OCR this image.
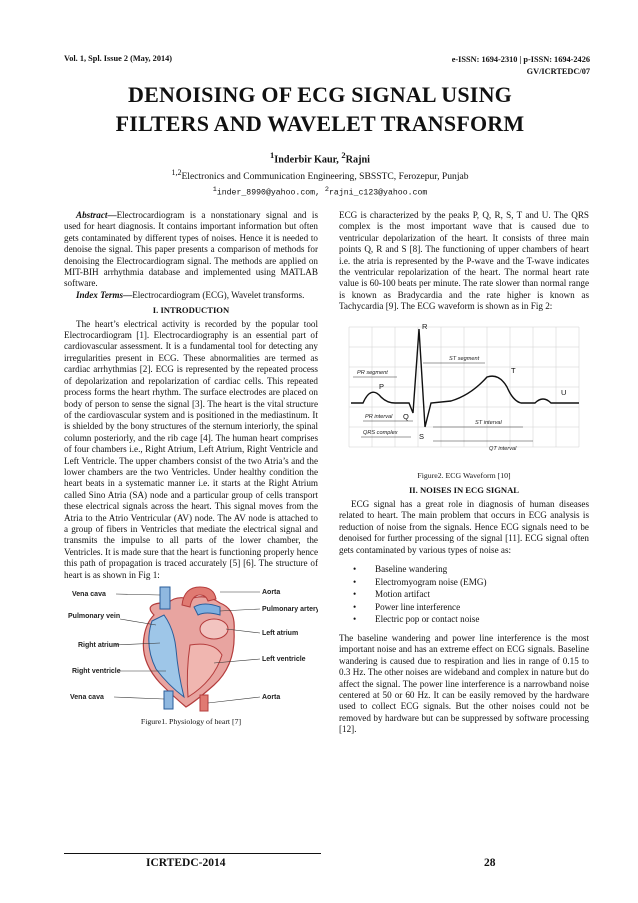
Vol. 1, Spl. Issue 2 (May, 2014)	e-ISSN: 1694-2310 | p-ISSN: 1694-2426
GV/ICRTEDC/07
DENOISING OF ECG SIGNAL USING
FILTERS AND WAVELET TRANSFORM
$^1$Inderbir Kaur, $^2$Rajni
$^{1,2}$Electronics and Communication Engineering, SBSSTC, Ferozepur, Punjab
$^1$inder_8990@yahoo.com, $^2$rajni_c123@yahoo.com

Abstract—Electrocardiogram is a nonstationary signal and is used for heart diagnosis. It contains important information but often gets contaminated by different types of noises. Hence it is needed to denoise the signal. This paper presents a comparison of methods for denoising the Electrocardiogram signal. The methods are applied on MIT-BIH arrhythmia database and implemented using MATLAB software.

Index Terms—Electrocardiogram (ECG), Wavelet transforms.

I. INTRODUCTION

The heart’s electrical activity is recorded by the popular tool Electrocardiogram [1]. Electrocardiography is an essential part of cardiovascular assessment. It is a fundamental tool for detecting any irregularities present in ECG. These abnormalities are termed as cardiac arrhythmias [2]. ECG is represented by the repeated process of depolarization and repolarization of cardiac cells. This repeated process forms the heart rhythm. The surface electrodes are placed on body of person to sense the signal [3]. The heart is the vital structure of the cardiovascular system and is positioned in the mediastinum. It is shielded by the bony structures of the sternum interiorly, the spinal column posteriorly, and the rib cage [4]. The human heart comprises of four chambers i.e., Right Atrium, Left Atrium, Right Ventricle and Left Ventricle. The upper chambers consist of the two Atria’s and the lower chambers are the two Ventricles. Under healthy condition the heart beats in a systematic manner i.e. it starts at the Right Atrium called Sino Atria (SA) node and a particular group of cells transport these electrical signals across the heart. This signal moves from the Atria to the Atrio Ventricular (AV) node. The AV node is attached to a group of fibers in Ventricles that mediate the electrical signal and transmits the impulse to all parts of the lower chamber, the Ventricles. It is made sure that the heart is functioning properly hence this path of propagation is traced accurately [5] [6]. The structure of heart is as shown in Fig 1:

Vena cava
Pulmonary vein
Right atrium
Right ventricle
Vena cava
Aorta
Pulmonary artery
Left atrium
Left ventricle
Aorta
Figure1. Physiology of heart [7]

ECG is characterized by the peaks P, Q, R, S, T and U. The QRS complex is the most important wave that is caused due to ventricular depolarization of the heart. It consists of three main points Q, R and S [8]. The functioning of upper chambers of heart i.e. the atria is represented by the P-wave and the T-wave indicates the ventricular repolarization of the heart. The normal heart rate value is 60-100 beats per minute. The rate slower than normal range is known as Bradycardia and the rate higher is known as Tachycardia [9]. The ECG waveform is shown as in Fig 2:

R
P
Q
S
T
U
PR segment
ST segment
PR interval
QRS complex
ST interval
QT interval
Figure2. ECG Waveform [10]
II. NOISES IN ECG SIGNAL

ECG signal has a great role in diagnosis of human diseases related to heart. The main problem that occurs in ECG analysis is reduction of noise from the signals. Hence ECG signals need to be denoised for further processing of the signal [11]. ECG signal often gets contaminated by various types of noise as:

• Baseline wandering
• Electromyogram noise (EMG)
• Motion artifact
• Power line interference
• Electric pop or contact noise

The baseline wandering and power line interference is the most important noise and has an extreme effect on ECG signals. Baseline wandering is caused due to respiration and lies in range of 0.15 to 0.3 Hz. The other noises are wideband and complex in nature but do affect the signal. The power line interference is a narrowband noise centered at 50 or 60 Hz. It can be easily removed by the hardware used to collect ECG signals. But the other noises could not be removed by hardware but can be suppressed by software processing [12].

ICRTEDC-2014	28
